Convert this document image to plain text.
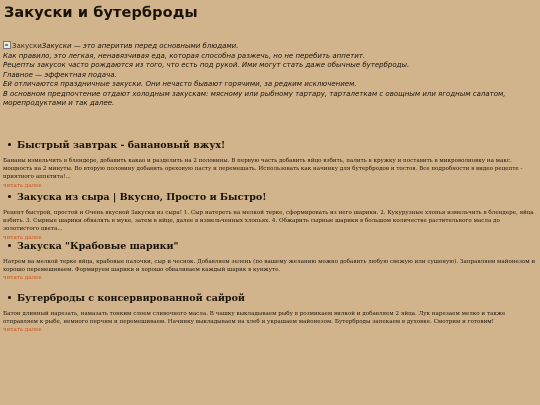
Закуски и бутерброды
ЗакускиЗакуски — это аперитив перед основными блюдами.
Как правило, это легкая, ненавязчивая еда, которая способна разжечь, но не перебить аппетит.
Рецепты закусок часто рождаются из того, что есть под рукой. Ими могут стать даже обычные бутерброды.
Главное — эффектная подача.
Ей отличаются праздничные закуски. Они нечасто бывают горячими, за редким исключением.
В основном предпочтение отдают холодным закускам: мясному или рыбному тартару, тарталеткам с овощным или ягодным салатом, морепродуктами и так далее.
Быстрый завтрак - банановый вжух!
Бананы измельчить в блендере, добавить какао и разделить на 2 половины. В первую часть добавить яйцо взбить, палить в кружку и поставить в микроволновку на макс. мощность на 2 минуты. Во вторую половину добавить ореховую пасту и перемешать. Использовать как начинку для бутербродов и тостов. Все подробности в видео рецепте - приятного аппетита!...
читать далее
Закуска из сыра | Вкусно, Просто и Быстро!
Рецепт быстрой, простой и Очень вкусной Закуски из сыра! 1. Сыр натереть на мелкой терке, сформировать из него шарики. 2. Кукурузные хлопья измельчить в блендере, яйца взбить. 3. Сырные шарики обвалять в муке, затем в яйце, далее в измельченных хлопьях. 4. Обжарить сырные шарики в большом количестве растительного масла до золотистого цвета...
читать далее
Закуска "Крабовые шарики"
Натрем на мелкой терке яйца, крабовые палочки, сыр и чеснок. Добавляем зелень (по вашему желанию можно добавить любую свежую или сушеную). Заправляем майонезом и хорошо перемешиваем. Формируем шарики и хорошо обваливаем каждый шарик в кунжуте.
читать далее
Бутерброды с консервированной сайрой
Батон длинный нарезать, намазать тонким слоем сливочного масла. В чашку выкладываем рыбу в розмикаем вилкой и добавляем 2 яйца. Лук нарезаем мелко и также отправляем к рыбе, немного перчим и перемешиваем. Начинку выкладываем на хлеб и украшаем майонезом. Бутерброды запекаем в духовке. Смотрим и готовим!
читать далее
